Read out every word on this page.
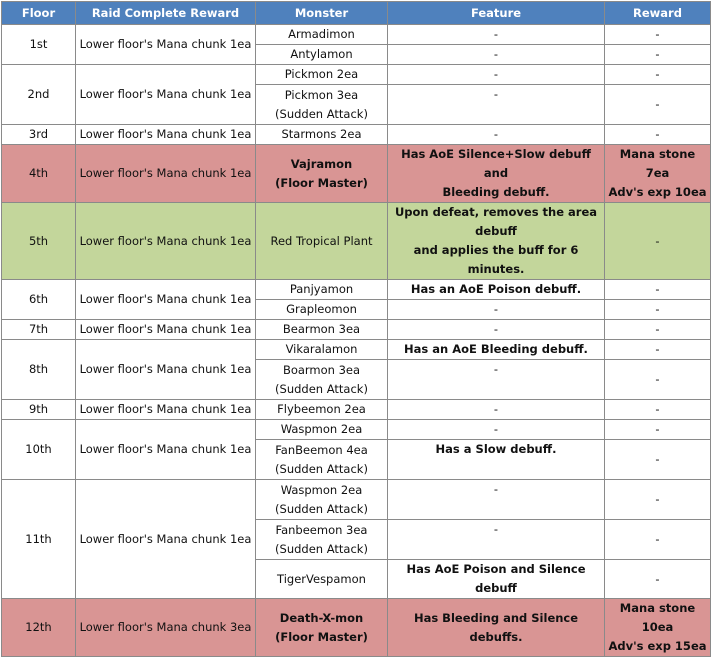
Floor	Raid Complete Reward	Monster	Feature	Reward
1st	Lower floor's Mana chunk 1ea	Armadimon	-	-

		Antylamon	-	-

2nd	Lower floor's Mana chunk 1ea	Pickmon 2ea	-	-

		Pickmon 3ea
(Sudden Attack)	-	-

3rd	Lower floor's Mana chunk 1ea	Starmons 2ea	-	-

4th	Lower floor's Mana chunk 1ea	Vajramon
(Floor Master)	Has AoE Silence+Slow debuff and
Bleeding debuff.	Mana stone 7ea
Adv's exp 10ea

5th	Lower floor's Mana chunk 1ea	Red Tropical Plant	Upon defeat, removes the area debuff
and applies the buff for 6 minutes.	-

6th	Lower floor's Mana chunk 1ea	Panjyamon	Has an AoE Poison debuff.	-

		Grapleomon	-	-

7th	Lower floor's Mana chunk 1ea	Bearmon 3ea	-	-

8th	Lower floor's Mana chunk 1ea	Vikaralamon	Has an AoE Bleeding debuff.	-

		Boarmon 3ea
(Sudden Attack)	-	-

9th	Lower floor's Mana chunk 1ea	Flybeemon 2ea	-	-

10th	Lower floor's Mana chunk 1ea	Waspmon 2ea	-	-

		FanBeemon 4ea
(Sudden Attack)	Has a Slow debuff.	-

11th	Lower floor's Mana chunk 1ea	Waspmon 2ea
(Sudden Attack)	-	-

		Fanbeemon 3ea
(Sudden Attack)	-	-

		TigerVespamon	Has AoE Poison and Silence debuff	-

12th	Lower floor's Mana chunk 3ea	Death-X-mon
(Floor Master)	Has Bleeding and Silence debuffs.	Mana stone 10ea
Adv's exp 15ea
